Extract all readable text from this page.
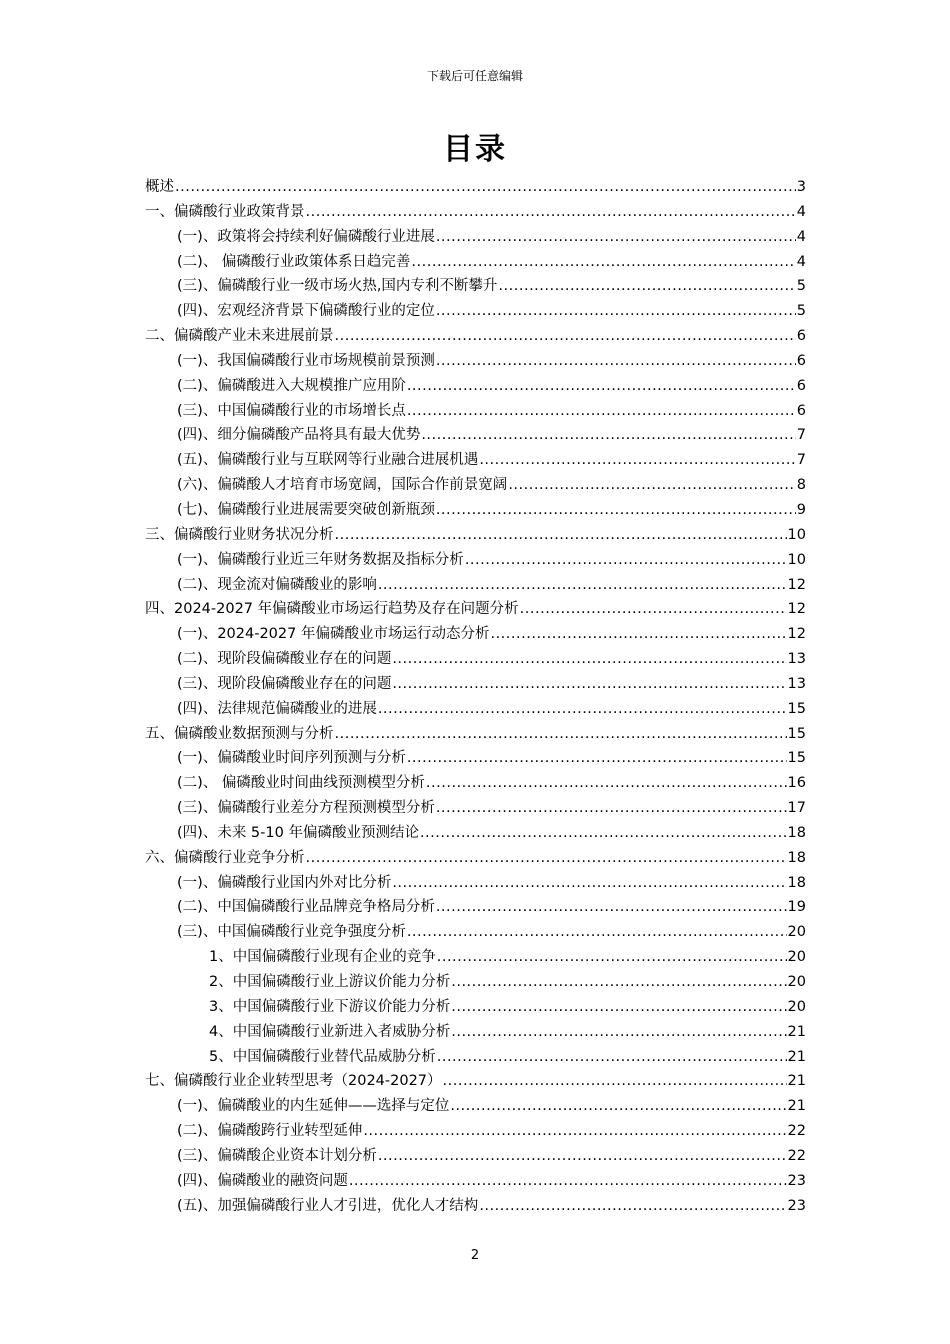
下载后可任意编辑
目录
概述 .....	3
一、偏磷酸行业政策背景 .....	4
(一)、政策将会持续利好偏磷酸行业进展 .....	4
(二)、 偏磷酸行业政策体系日趋完善 .....	4
(三)、偏磷酸行业一级市场火热,国内专利不断攀升 .....	5
(四)、宏观经济背景下偏磷酸行业的定位 .....	5
二、偏磷酸产业未来进展前景 .....	6
(一)、我国偏磷酸行业市场规模前景预测 .....	6
(二)、偏磷酸进入大规模推广应用阶 .....	6
(三)、中国偏磷酸行业的市场增长点 .....	6
(四)、细分偏磷酸产品将具有最大优势 .....	7
(五)、偏磷酸行业与互联网等行业融合进展机遇 .....	7
(六)、偏磷酸人才培育市场宽阔，国际合作前景宽阔 .....	8
(七)、偏磷酸行业进展需要突破创新瓶颈 .....	9
三、偏磷酸行业财务状况分析 .....	10
(一)、偏磷酸行业近三年财务数据及指标分析 .....	10
(二)、现金流对偏磷酸业的影响 .....	12
四、2024-2027 年偏磷酸业市场运行趋势及存在问题分析 .....	12
(一)、2024-2027 年偏磷酸业市场运行动态分析 .....	12
(二)、现阶段偏磷酸业存在的问题 .....	13
(三)、现阶段偏磷酸业存在的问题 .....	13
(四)、法律规范偏磷酸业的进展 .....	15
五、偏磷酸业数据预测与分析 .....	15
(一)、偏磷酸业时间序列预测与分析 .....	15
(二)、 偏磷酸业时间曲线预测模型分析 .....	16
(三)、偏磷酸行业差分方程预测模型分析 .....	17
(四)、未来 5-10 年偏磷酸业预测结论 .....	18
六、偏磷酸行业竞争分析 .....	18
(一)、偏磷酸行业国内外对比分析 .....	18
(二)、中国偏磷酸行业品牌竞争格局分析 .....	19
(三)、中国偏磷酸行业竞争强度分析 .....	20
1、中国偏磷酸行业现有企业的竞争 .....	20
2、中国偏磷酸行业上游议价能力分析 .....	20
3、中国偏磷酸行业下游议价能力分析 .....	20
4、中国偏磷酸行业新进入者威胁分析 .....	21
5、中国偏磷酸行业替代品威胁分析 .....	21
七、偏磷酸行业企业转型思考（2024-2027） .....	21
(一)、偏磷酸业的内生延伸——选择与定位 .....	21
(二)、偏磷酸跨行业转型延伸 .....	22
(三)、偏磷酸企业资本计划分析 .....	22
(四)、偏磷酸业的融资问题 .....	23
(五)、加强偏磷酸行业人才引进，优化人才结构 .....	23
2
